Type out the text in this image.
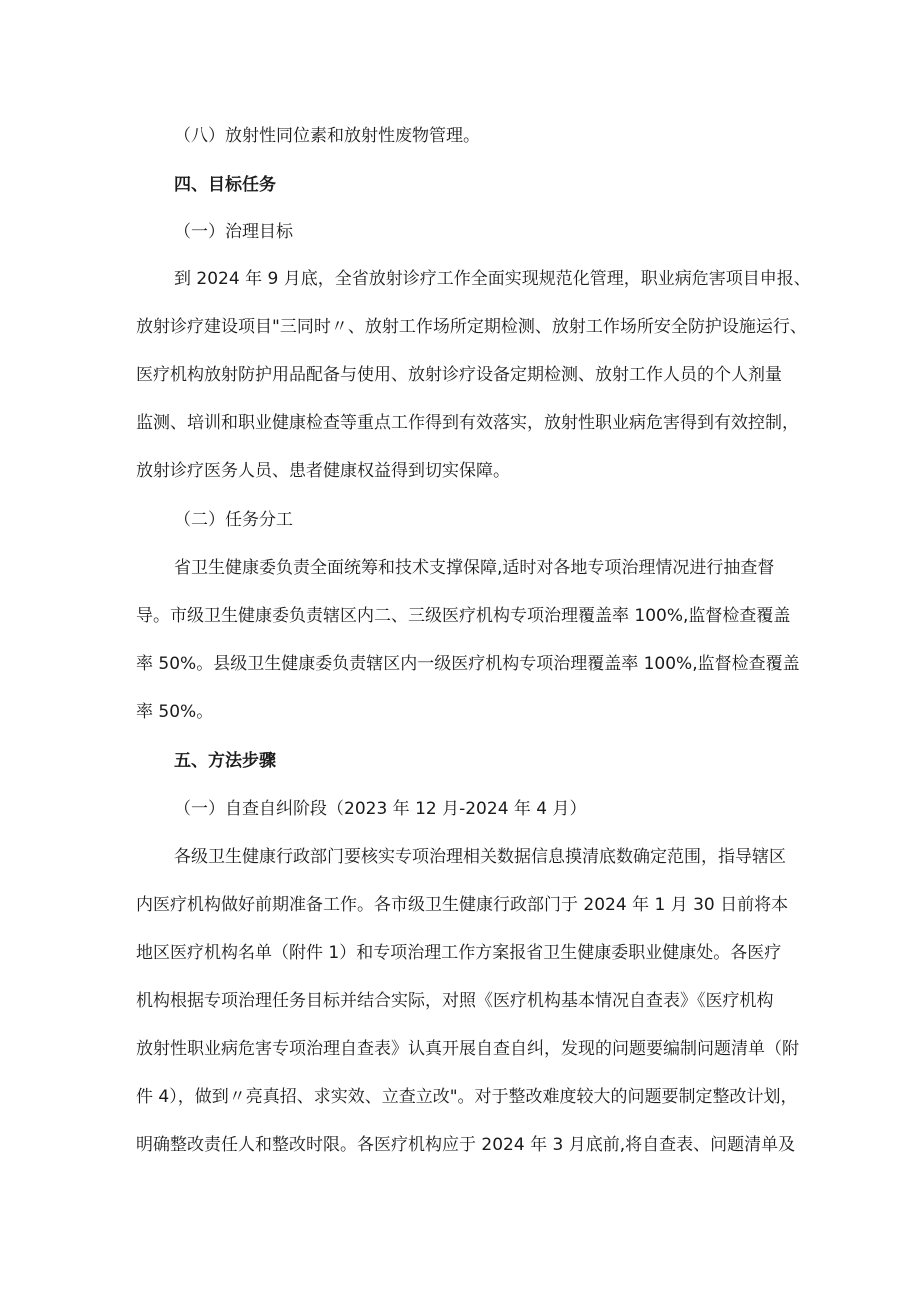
（八）放射性同位素和放射性废物管理。
四、目标任务
（一）治理目标
到 2024 年 9 月底，全省放射诊疗工作全面实现规范化管理，职业病危害项目申报、
放射诊疗建设项目"三同时〃、放射工作场所定期检测、放射工作场所安全防护设施运行、
医疗机构放射防护用品配备与使用、放射诊疗设备定期检测、放射工作人员的个人剂量
监测、培训和职业健康检查等重点工作得到有效落实，放射性职业病危害得到有效控制，
放射诊疗医务人员、患者健康权益得到切实保障。
（二）任务分工
省卫生健康委负责全面统筹和技术支撑保障,适时对各地专项治理情况进行抽查督
导。市级卫生健康委负责辖区内二、三级医疗机构专项治理覆盖率 100%,监督检查覆盖
率 50%。县级卫生健康委负责辖区内一级医疗机构专项治理覆盖率 100%,监督检查覆盖
率 50%。
五、方法步骤
（一）自查自纠阶段（2023 年 12 月-2024 年 4 月）
各级卫生健康行政部门要核实专项治理相关数据信息摸清底数确定范围，指导辖区
内医疗机构做好前期准备工作。各市级卫生健康行政部门于 2024 年 1 月 30 日前将本
地区医疗机构名单（附件 1）和专项治理工作方案报省卫生健康委职业健康处。各医疗
机构根据专项治理任务目标并结合实际，对照《医疗机构基本情况自查表》《医疗机构
放射性职业病危害专项治理自查表》认真开展自查自纠，发现的问题要编制问题清单（附
件 4），做到〃亮真招、求实效、立查立改"。对于整改难度较大的问题要制定整改计划，
明确整改责任人和整改时限。各医疗机构应于 2024 年 3 月底前,将自查表、问题清单及
